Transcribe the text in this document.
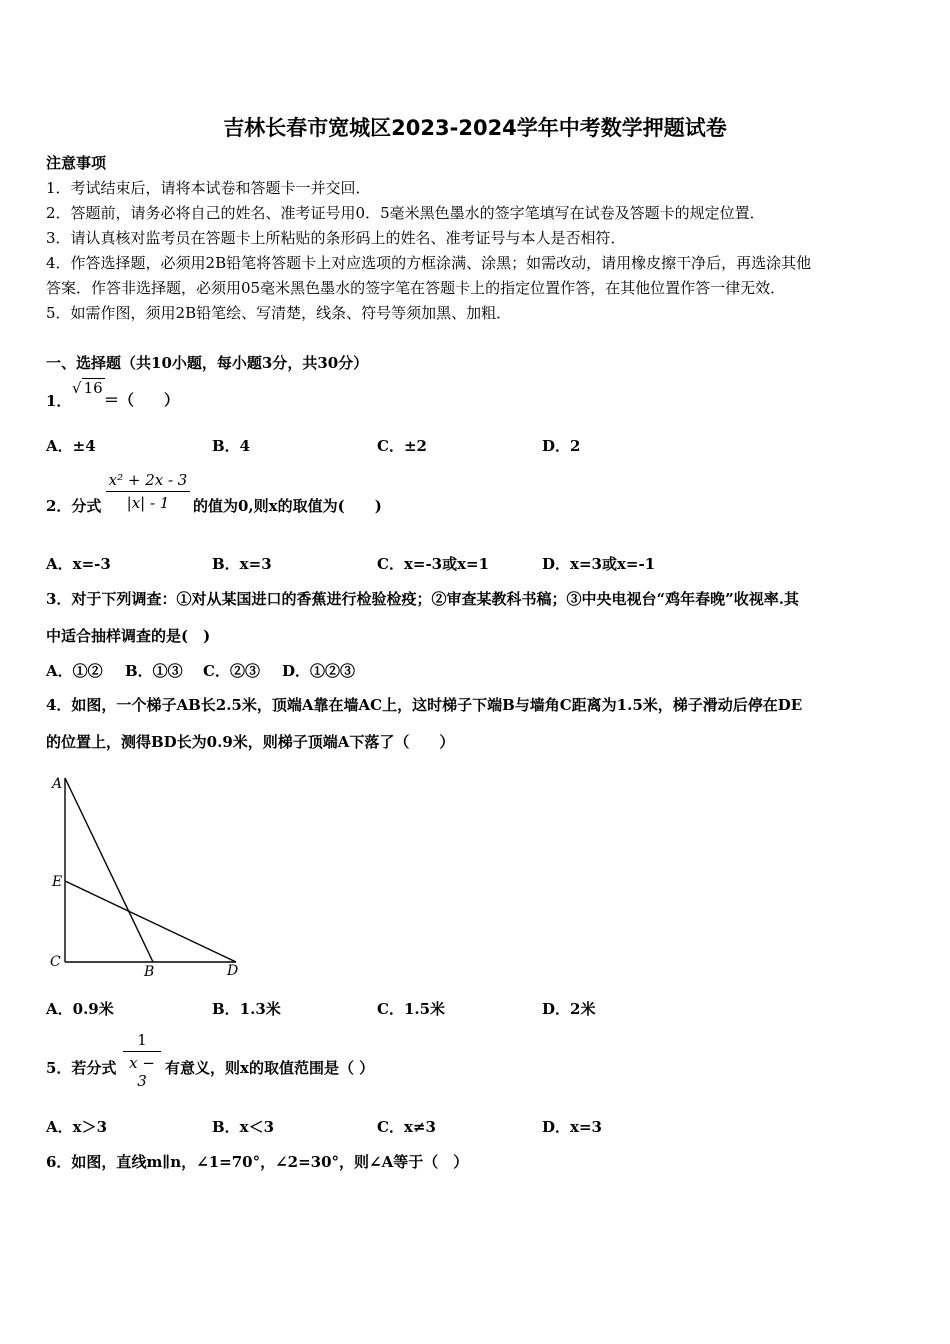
吉林长春市宽城区2023-2024学年中考数学押题试卷
注意事项
1．考试结束后，请将本试卷和答题卡一并交回．
2．答题前，请务必将自己的姓名、准考证号用0．5毫米黑色墨水的签字笔填写在试卷及答题卡的规定位置．
3．请认真核对监考员在答题卡上所粘贴的条形码上的姓名、准考证号与本人是否相符．
4．作答选择题，必须用2B铅笔将答题卡上对应选项的方框涂满、涂黑；如需改动，请用橡皮擦干净后，再选涂其他
答案．作答非选择题，必须用05毫米黑色墨水的签字笔在答题卡上的指定位置作答，在其他位置作答一律无效．
5．如需作图，须用2B铅笔绘、写清楚，线条、符号等须加黑、加粗．
一、选择题（共10小题，每小题3分，共30分）
1．
√ 16
＝（　　）
A．±4	B．4	C．±2	D．2
2．分式
x² + 2x - 3
|x| - 1	的值为0,则x的取值为(　　)
A．x=-3	B．x=3	C．x=-3或x=1	D．x=3或x=-1
3．对于下列调查：①对从某国进口的香蕉进行检验检疫；②审查某教科书稿；③中央电视台“鸡年春晚”收视率.其
中适合抽样调查的是(　)
A．①② B．①③ C．②③ D．①②③
4．如图，一个梯子AB长2.5米，顶端A靠在墙AC上，这时梯子下端B与墙角C距离为1.5米，梯子滑动后停在DE
的位置上，测得BD长为0.9米，则梯子顶端A下落了（　　）
A
E
C
B	D
A．0.9米	B．1.3米	C．1.5米	D．2米
5．若分式
1
x − 3
有意义，则x的取值范围是（ ）
A．x＞3	B．x＜3	C．x≠3	D．x=3
6．如图，直线m∥n，∠1=70°，∠2=30°，则∠A等于（　）
